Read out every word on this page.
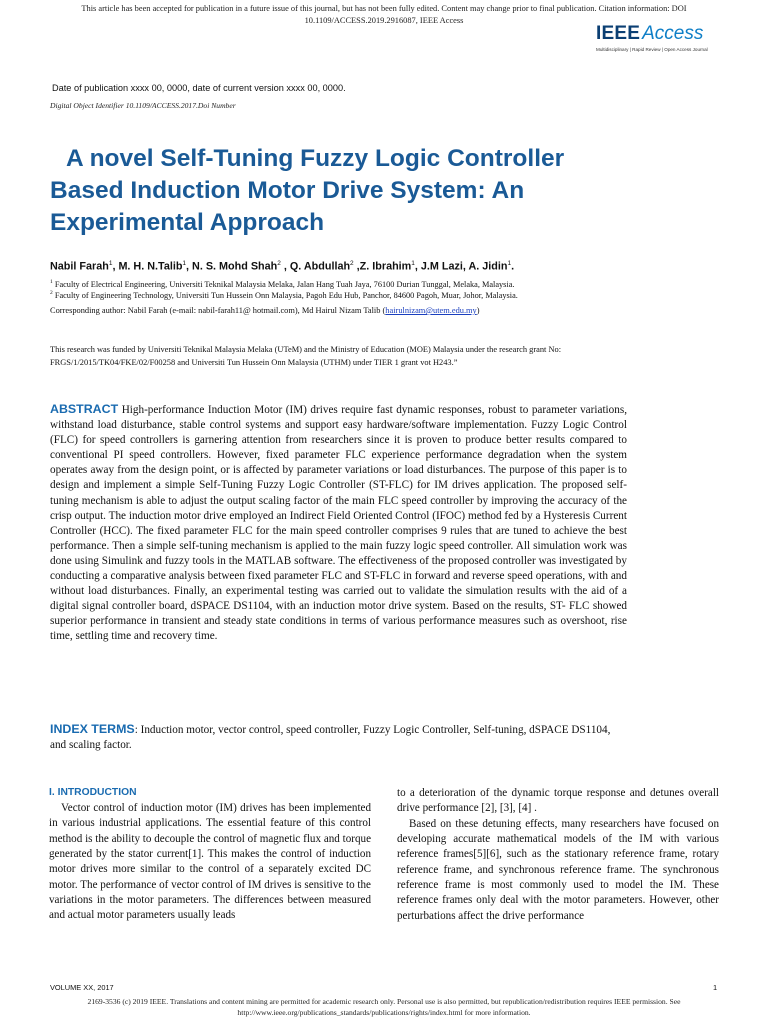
This article has been accepted for publication in a future issue of this journal, but has not been fully edited. Content may change prior to final publication. Citation information: DOI
10.1109/ACCESS.2019.2916087, IEEE Access
IEEE Access
Multidisciplinary | Rapid Review | Open Access Journal
Date of publication xxxx 00, 0000, date of current version xxxx 00, 0000.
Digital Object Identifier 10.1109/ACCESS.2017.Doi Number
A novel Self-Tuning Fuzzy Logic Controller
Based Induction Motor Drive System: An
Experimental Approach
Nabil Farah$^1$, M. H. N.Talib$^1$, N. S. Mohd Shah$^2$ , Q. Abdullah$^2$ ,Z. Ibrahim$^1$, J.M Lazi, A. Jidin$^1$.
$^1$ Faculty of Electrical Engineering, Universiti Teknikal Malaysia Melaka, Jalan Hang Tuah Jaya, 76100 Durian Tunggal, Melaka, Malaysia.
$^2$ Faculty of Engineering Technology, Universiti Tun Hussein Onn Malaysia, Pagoh Edu Hub, Panchor, 84600 Pagoh, Muar, Johor, Malaysia.
Corresponding author: Nabil Farah (e-mail: nabil-farah11@ hotmail.com), Md Hairul Nizam Talib (hairulnizam@utem.edu.my)
This research was funded by Universiti Teknikal Malaysia Melaka (UTeM) and the Ministry of Education (MOE) Malaysia under the research grant No:
FRGS/1/2015/TK04/FKE/02/F00258 and Universiti Tun Hussein Onn Malaysia (UTHM) under TIER 1 grant vot H243.”
ABSTRACT High-performance Induction Motor (IM) drives require fast dynamic responses, robust to parameter variations, withstand load disturbance, stable control systems and support easy hardware/software implementation. Fuzzy Logic Control (FLC) for speed controllers is garnering attention from researchers since it is proven to produce better results compared to conventional PI speed controllers. However, fixed parameter FLC experience performance degradation when the system operates away from the design point, or is affected by parameter variations or load disturbances. The purpose of this paper is to design and implement a simple Self-Tuning Fuzzy Logic Controller (ST-FLC) for IM drives application. The proposed self-tuning mechanism is able to adjust the output scaling factor of the main FLC speed controller by improving the accuracy of the crisp output. The induction motor drive employed an Indirect Field Oriented Control (IFOC) method fed by a Hysteresis Current Controller (HCC). The fixed parameter FLC for the main speed controller comprises 9 rules that are tuned to achieve the best performance. Then a simple self-tuning mechanism is applied to the main fuzzy logic speed controller. All simulation work was done using Simulink and fuzzy tools in the MATLAB software. The effectiveness of the proposed controller was investigated by conducting a comparative analysis between fixed parameter FLC and ST-FLC in forward and reverse speed operations, with and without load disturbances. Finally, an experimental testing was carried out to validate the simulation results with the aid of a digital signal controller board, dSPACE DS1104, with an induction motor drive system. Based on the results, ST- FLC showed superior performance in transient and steady state conditions in terms of various performance measures such as overshoot, rise time, settling time and recovery time.
INDEX TERMS: Induction motor, vector control, speed controller, Fuzzy Logic Controller, Self-tuning, dSPACE DS1104, and scaling factor.
I. INTRODUCTION

Vector control of induction motor (IM) drives has been implemented in various industrial applications. The essential feature of this control method is the ability to decouple the control of magnetic flux and torque generated by the stator current[1]. This makes the control of induction motor drives more similar to the control of a separately excited DC motor. The performance of vector control of IM drives is sensitive to the variations in the motor parameters. The differences between measured and actual motor parameters usually leads

to a deterioration of the dynamic torque response and detunes overall drive performance [2], [3], [4] .

Based on these detuning effects, many researchers have focused on developing accurate mathematical models of the IM with various reference frames[5][6], such as the stationary reference frame, rotary reference frame, and synchronous reference frame. The synchronous reference frame is most commonly used to model the IM. These reference frames only deal with the motor parameters. However, other perturbations affect the drive performance

VOLUME XX, 2017	1
2169-3536 (c) 2019 IEEE. Translations and content mining are permitted for academic research only. Personal use is also permitted, but republication/redistribution requires IEEE permission. See
http://www.ieee.org/publications_standards/publications/rights/index.html for more information.
